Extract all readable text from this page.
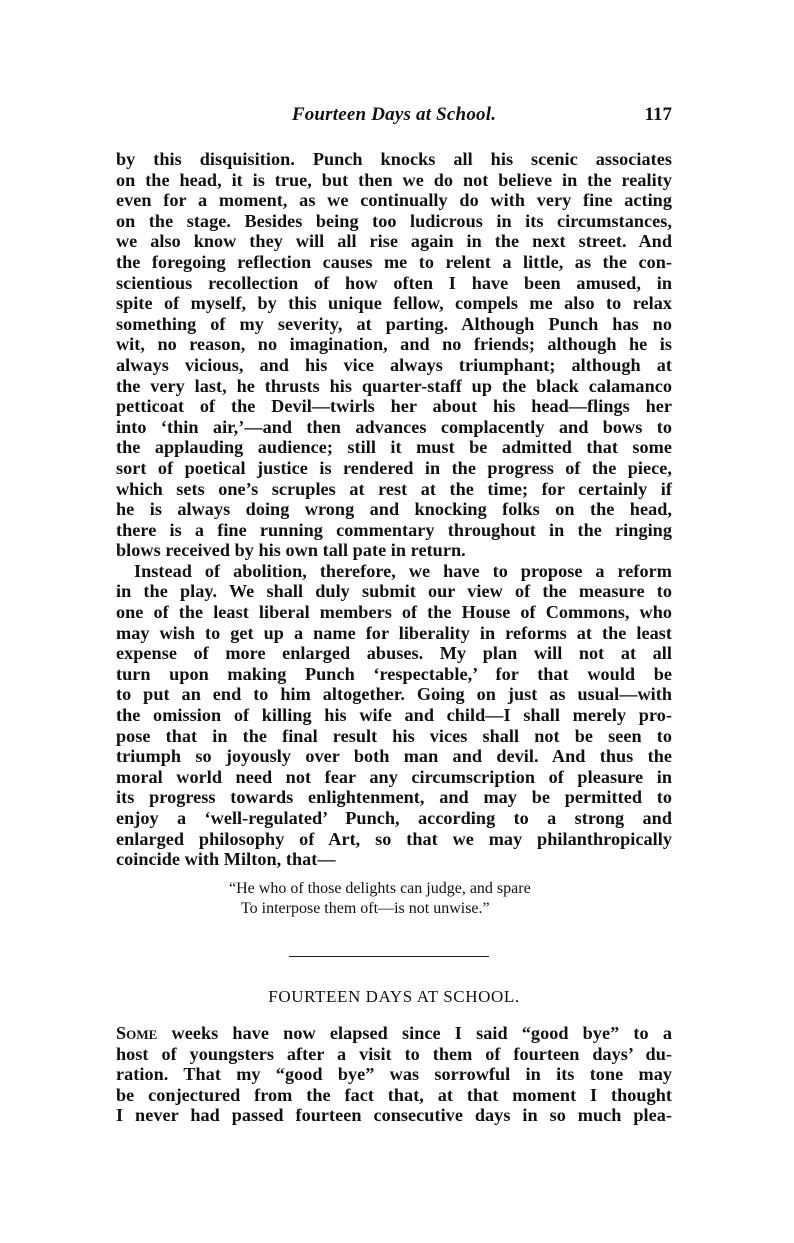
Fourteen Days at School.	117
by this disquisition. Punch knocks all his scenic associates
on the head, it is true, but then we do not believe in the reality
even for a moment, as we continually do with very fine acting
on the stage. Besides being too ludicrous in its circumstances,
we also know they will all rise again in the next street. And
the foregoing reflection causes me to relent a little, as the con-
scientious recollection of how often I have been amused, in
spite of myself, by this unique fellow, compels me also to relax
something of my severity, at parting. Although Punch has no
wit, no reason, no imagination, and no friends; although he is
always vicious, and his vice always triumphant; although at
the very last, he thrusts his quarter-staff up the black calamanco
petticoat of the Devil—twirls her about his head—flings her
into ‘thin air,’—and then advances complacently and bows to
the applauding audience; still it must be admitted that some
sort of poetical justice is rendered in the progress of the piece,
which sets one’s scruples at rest at the time; for certainly if
he is always doing wrong and knocking folks on the head,
there is a fine running commentary throughout in the ringing
blows received by his own tall pate in return.
Instead of abolition, therefore, we have to propose a reform
in the play. We shall duly submit our view of the measure to
one of the least liberal members of the House of Commons, who
may wish to get up a name for liberality in reforms at the least
expense of more enlarged abuses. My plan will not at all
turn upon making Punch ‘respectable,’ for that would be
to put an end to him altogether. Going on just as usual—with
the omission of killing his wife and child—I shall merely pro-
pose that in the final result his vices shall not be seen to
triumph so joyously over both man and devil. And thus the
moral world need not fear any circumscription of pleasure in
its progress towards enlightenment, and may be permitted to
enjoy a ‘well-regulated’ Punch, according to a strong and
enlarged philosophy of Art, so that we may philanthropically
coincide with Milton, that—
“He who of those delights can judge, and spare
To interpose them oft—is not unwise.”
FOURTEEN DAYS AT SCHOOL.
Some weeks have now elapsed since I said “good bye” to a
host of youngsters after a visit to them of fourteen days’ du-
ration. That my “good bye” was sorrowful in its tone may
be conjectured from the fact that, at that moment I thought
I never had passed fourteen consecutive days in so much plea-
